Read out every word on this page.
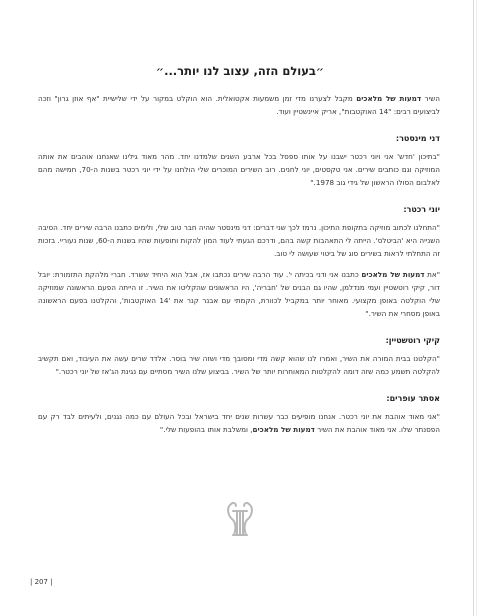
״בעולם הזה, עצוב לנו יותר...״

השיר דמעות של מלאכים מקבל לצערנו מדי זמן משמעות אקטואלית. הוא הוקלט במקור על ידי שלישיית "אף אוזן גרון" וזכה לביצועים רבים: "14 האוקטבות", אריק איינשטיין ועוד.

דני מינסטר:

"בתיכון 'חדש' אני ויוני רכטר ישבנו על אותו ספסל בכל ארבע השנים שלמדנו יחד. מהר מאוד גילינו שאנחנו אוהבים את אותה המוזיקה וגם כותבים שירים. אני טקסטים, יוני לחנים. רוב השירים המוכרים שלי הולחנו על ידי יוני רכטר בשנות ה-70, חמישה מהם לאלבום הסולו הראשון של גידי גוב 1978."

יוני רכטר:

"התחלנו לכתוב מוזיקה בתקופת התיכון. נרמז לכך שני דברים: דני מינסטר שהיה חבר טוב שלי, ולימים כתבנו הרבה שירים יחד. הסיבה השנייה היא 'הביטלס'. הייתה לי התאהבות קשה בהם, ודרכם הגעתי לעוד המון להקות ותופעות שהיו בשנות ה-60, שנות נעוריי. בזכות זה התחלתי לראות בשירים סוג של ביטוי שעושה לי טוב.

"את דמעות של מלאכים כתבנו אני ודני בכיתה י'. עוד הרבה שירים נכתבו אז, אבל הוא היחיד ששרד. חברי מלהקת התזמורת: יובל דור, קיקי רוטשטיין ועמי מנדלמן, שהיו גם הבנים של 'חבריה', היו הראשונים שהקליטו את השיר. זו הייתה הפעם הראשונה שמוזיקה שלי הוקלטה באופן מקצועי. מאוחר יותר במקביל לכוורת, הקמתי עם אבנר קנר את '14 האוקטבות', והקלטנו בפעם הראשונה באופן מסחרי את השיר."

קיקי רוטשטיין:

"הקלטנו בבית המורה את השיר, ואמרו לנו שהוא קשה מדי ומסובך מדי ושזה שיר בוסר. אלדד שרים עשה את העיבוד, ואם תקשיב להקלטה תשמע כמה שזה דומה להקלטות המאוחרות יותר של השיר. בביצוע שלנו השיר מסתיים עם נגינת הג'אז של יוני רכטר."

אסתר עופרים:

"אני מאוד אוהבת את יוני רכטר. אנחנו מופיעים כבר עשרות שנים יחד בישראל ובכל העולם עם כמה נגנים, ולעיתים לבד רק עם הפסנתר שלו. אני מאוד אוהבת את השיר דמעות של מלאכים, ומשלבת אותו בהופעות שלי."

| 207 |
